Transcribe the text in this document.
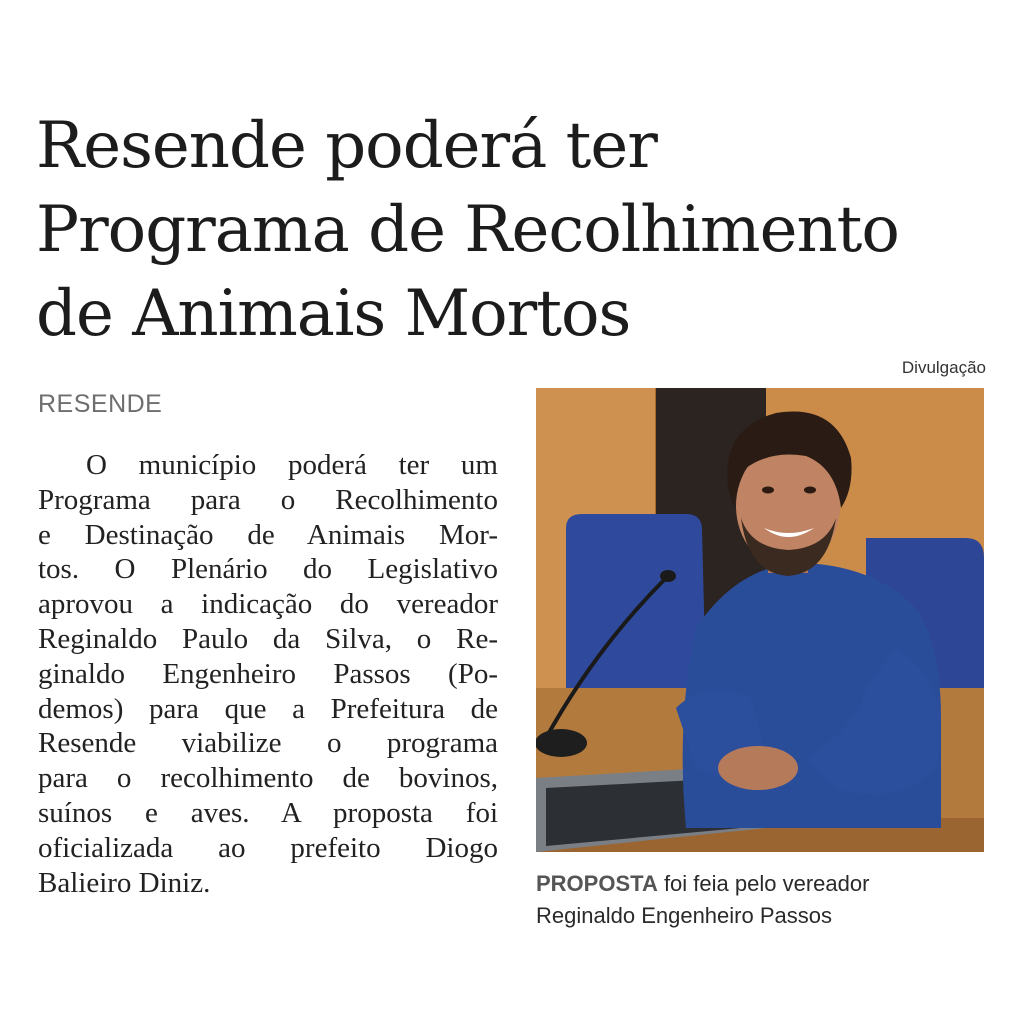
Resende poderá ter
Programa de Recolhimento
de Animais Mortos
RESENDE
O município poderá ter um
Programa para o Recolhimento
e Destinação de Animais Mor-
tos. O Plenário do Legislativo
aprovou a indicação do vereador
Reginaldo Paulo da Silva, o Re-
ginaldo Engenheiro Passos (Po-
demos) para que a Prefeitura de
Resende viabilize o programa
para o recolhimento de bovinos,
suínos e aves. A proposta foi
oficializada ao prefeito Diogo
Balieiro Diniz.
Divulgação
PROPOSTA foi feia pelo vereador
Reginaldo Engenheiro Passos
